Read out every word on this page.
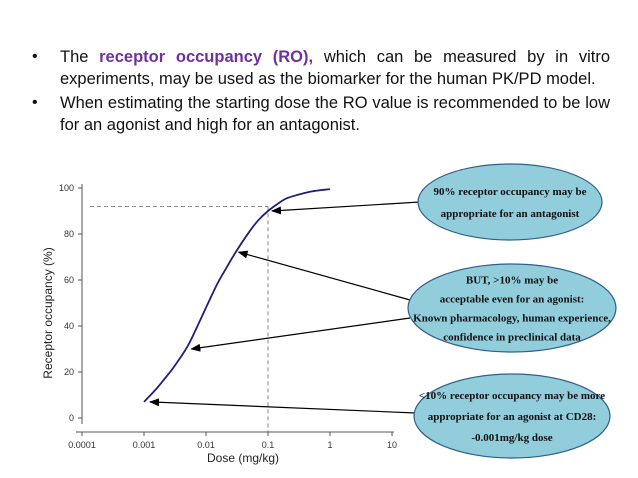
• The receptor occupancy (RO), which can be measured by in vitro experiments, may be used as the biomarker for the human PK/PD model.
• When estimating the starting dose the RO value is recommended to be low for an agonist and high for an antagonist.
0
20
40
60
80
100
0.0001	0.001	0.01	0.1	1	10
Dose (mg/kg)
Receptor occupancy (%)
90% receptor occupancy may be
appropriate for an antagonist
BUT, >10% may be
acceptable even for an agonist:
Known pharmacology, human experience,
confidence in preclinical data
<10% receptor occupancy may be more
appropriate for an agonist at CD28:
-0.001mg/kg dose
